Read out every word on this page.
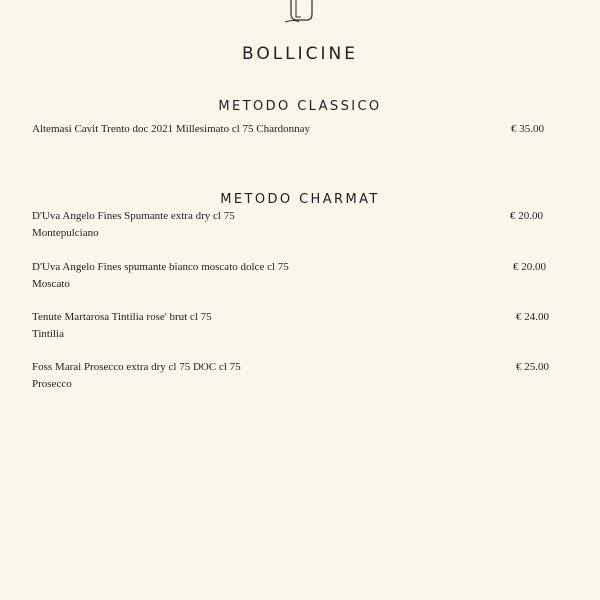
BOLLICINE
METODO CLASSICO
Altemasi Cavit Trento doc 2021 Millesimato cl 75 Chardonnay	€ 35.00
METODO CHARMAT
D'Uva Angelo Fines Spumante extra dry cl 75
Montepulciano
€ 20.00
D'Uva Angelo Fines spumante bianco moscato dolce cl 75
Moscato
€ 20.00
Tenute Martarosa Tintilia rose' brut cl 75
Tintilia
€ 24.00
Foss Marai Prosecco extra dry cl 75 DOC cl 75
Prosecco
€ 25.00
